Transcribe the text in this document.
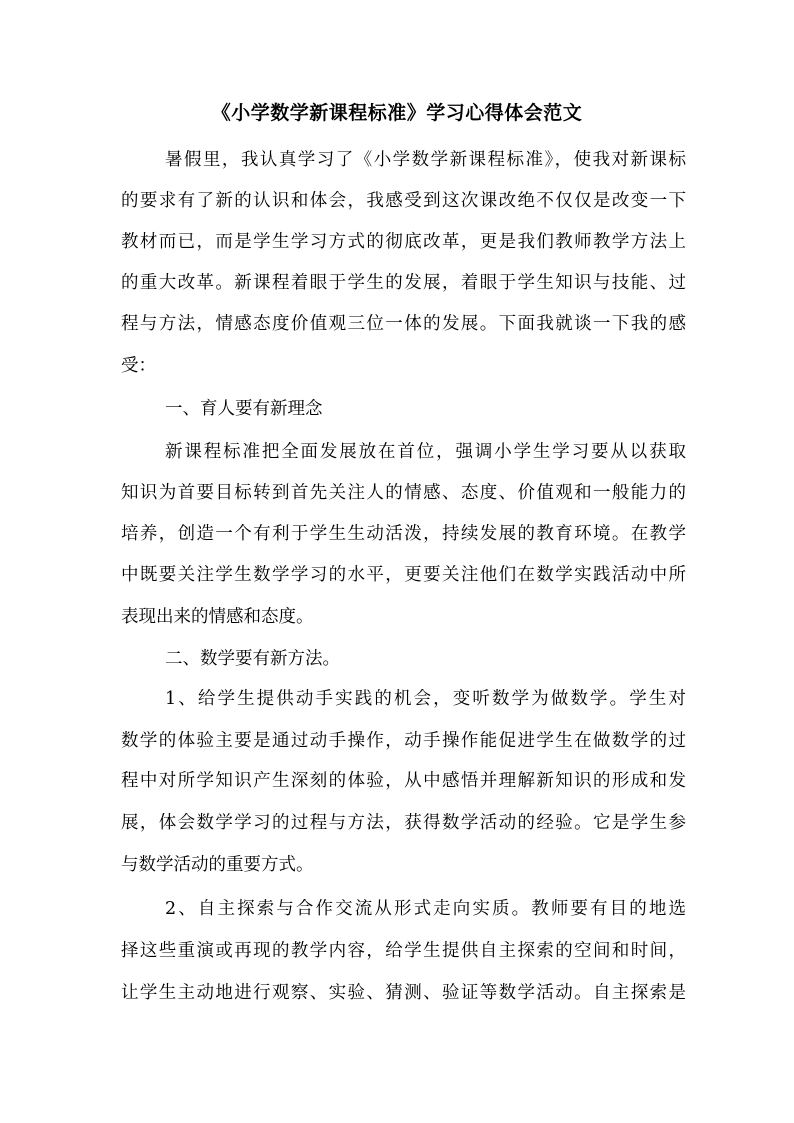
《小学数学新课程标准》学习心得体会范文

暑假里，我认真学习了《小学数学新课程标准》，使我对新课标

的要求有了新的认识和体会，我感受到这次课改绝不仅仅是改变一下

教材而已，而是学生学习方式的彻底改革，更是我们教师教学方法上

的重大改革。新课程着眼于学生的发展，着眼于学生知识与技能、过

程与方法，情感态度价值观三位一体的发展。下面我就谈一下我的感

受：

一、育人要有新理念

新课程标准把全面发展放在首位，强调小学生学习要从以获取

知识为首要目标转到首先关注人的情感、态度、价值观和一般能力的

培养，创造一个有利于学生生动活泼，持续发展的教育环境。在教学

中既要关注学生数学学习的水平，更要关注他们在数学实践活动中所

表现出来的情感和态度。

二、数学要有新方法。

1、给学生提供动手实践的机会，变听数学为做数学。学生对

数学的体验主要是通过动手操作，动手操作能促进学生在做数学的过

程中对所学知识产生深刻的体验，从中感悟并理解新知识的形成和发

展，体会数学学习的过程与方法，获得数学活动的经验。它是学生参

与数学活动的重要方式。

2、自主探索与合作交流从形式走向实质。教师要有目的地选

择这些重演或再现的教学内容，给学生提供自主探索的空间和时间，

让学生主动地进行观察、实验、猜测、验证等数学活动。自主探索是
